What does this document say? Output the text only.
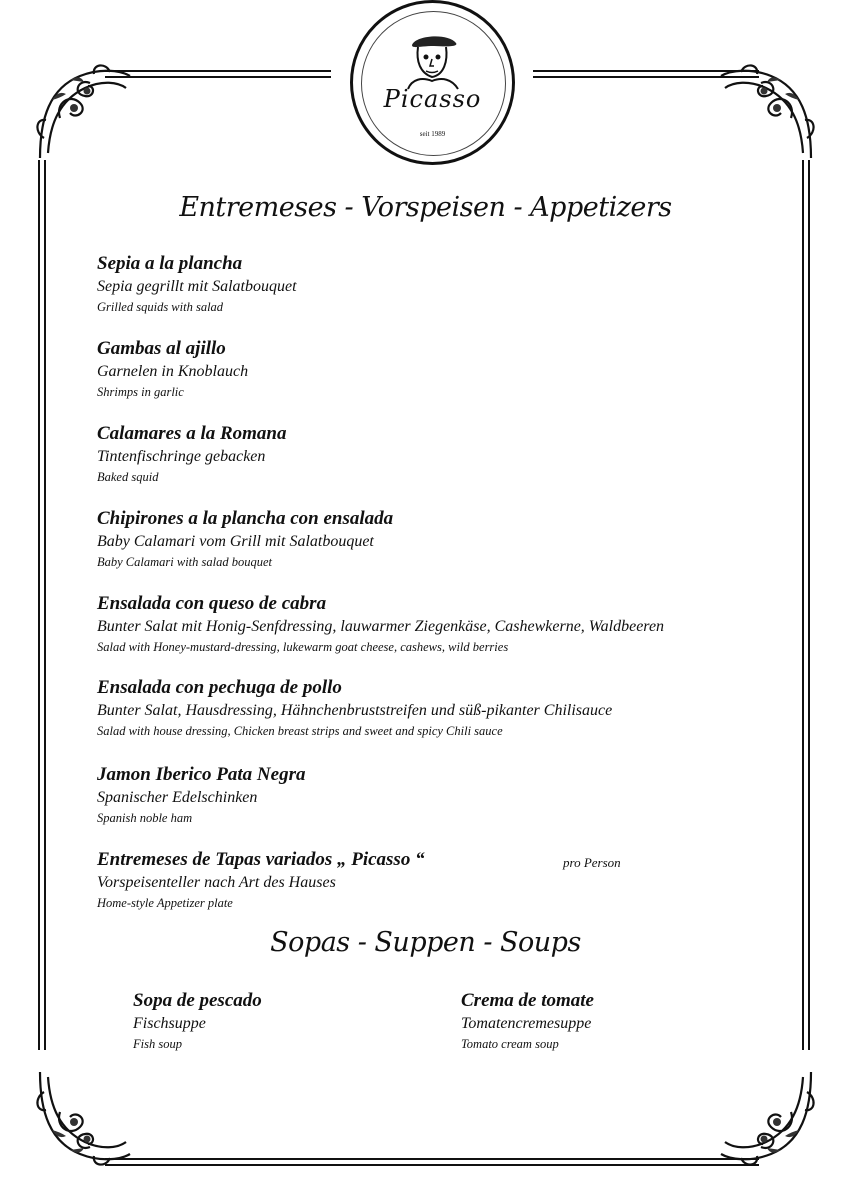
Picasso
seit 1989
Entremeses - Vorspeisen - Appetizers
Sepia a la plancha
Sepia gegrillt mit Salatbouquet
Grilled squids with salad
Gambas al ajillo
Garnelen in Knoblauch
Shrimps in garlic
Calamares a la Romana
Tintenfischringe gebacken
Baked squid
Chipirones a la plancha con ensalada
Baby Calamari vom Grill mit Salatbouquet
Baby Calamari with salad bouquet
Ensalada con queso de cabra
Bunter Salat mit Honig-Senfdressing, lauwarmer Ziegenkäse, Cashewkerne, Waldbeeren
Salad with Honey-mustard-dressing, lukewarm goat cheese, cashews, wild berries
Ensalada con pechuga de pollo
Bunter Salat, Hausdressing, Hähnchenbruststreifen und süß-pikanter Chilisauce
Salad with house dressing, Chicken breast strips and sweet and spicy Chili sauce
Jamon Iberico Pata Negra
Spanischer Edelschinken
Spanish noble ham
Entremeses de Tapas variados „ Picasso “
Vorspeisenteller nach Art des Hauses
Home-style Appetizer plate
pro Person
Sopas - Suppen - Soups
Sopa de pescado
Fischsuppe
Fish soup
Crema de tomate
Tomatencremesuppe
Tomato cream soup
